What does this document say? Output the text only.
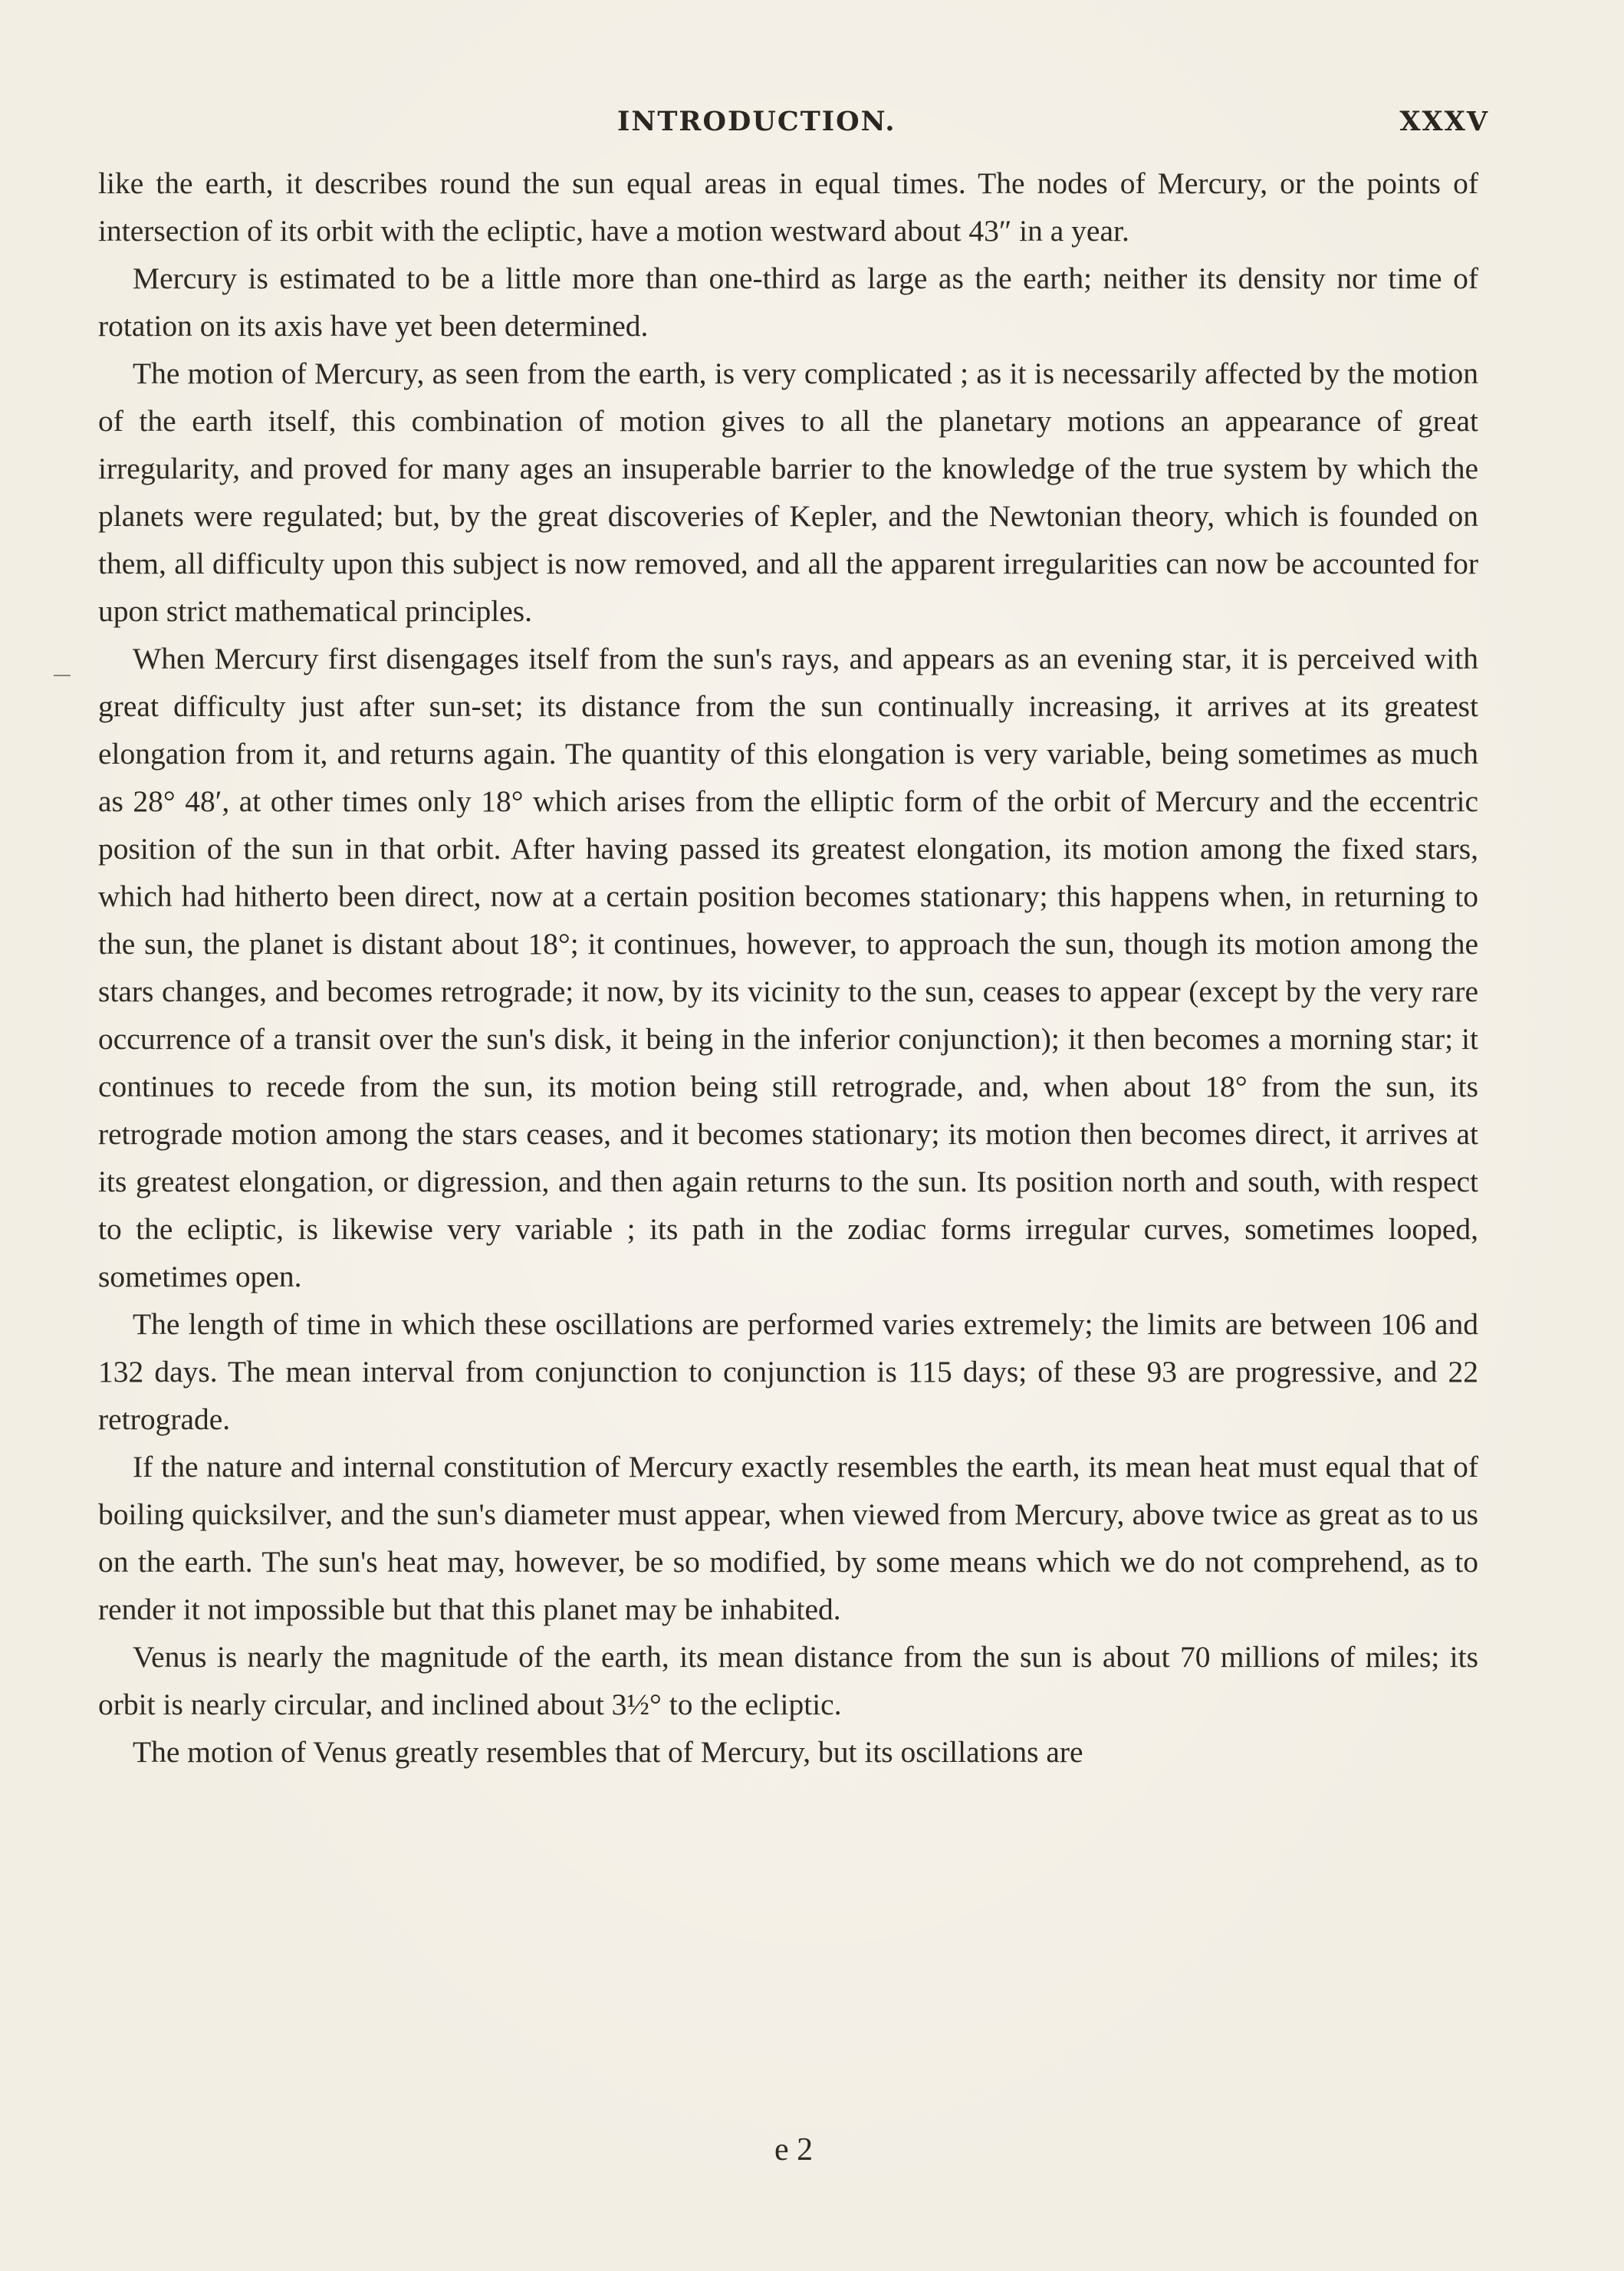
INTRODUCTION.	XXXV

like the earth, it describes round the sun equal areas in equal times. The nodes of Mercury, or the points of intersection of its orbit with the ecliptic, have a motion westward about 43″ in a year.

Mercury is estimated to be a little more than one-third as large as the earth; neither its density nor time of rotation on its axis have yet been determined.

The motion of Mercury, as seen from the earth, is very complicated ; as it is necessarily affected by the motion of the earth itself, this combination of motion gives to all the planetary motions an appearance of great irregularity, and proved for many ages an insuperable barrier to the knowledge of the true system by which the planets were regulated; but, by the great discoveries of Kepler, and the Newtonian theory, which is founded on them, all difficulty upon this subject is now removed, and all the apparent irregularities can now be accounted for upon strict mathematical principles.

When Mercury first disengages itself from the sun's rays, and appears as an evening star, it is perceived with great difficulty just after sun-set; its distance from the sun continually increasing, it arrives at its greatest elongation from it, and returns again. The quantity of this elongation is very variable, being sometimes as much as 28° 48′, at other times only 18° which arises from the elliptic form of the orbit of Mercury and the eccentric position of the sun in that orbit. After having passed its greatest elongation, its motion among the fixed stars, which had hitherto been direct, now at a certain position becomes stationary; this happens when, in returning to the sun, the planet is distant about 18°; it continues, however, to approach the sun, though its motion among the stars changes, and becomes retrograde; it now, by its vicinity to the sun, ceases to appear (except by the very rare occurrence of a transit over the sun's disk, it being in the inferior conjunction); it then becomes a morning star; it continues to recede from the sun, its motion being still retrograde, and, when about 18° from the sun, its retrograde motion among the stars ceases, and it becomes stationary; its motion then becomes direct, it arrives at its greatest elongation, or digression, and then again returns to the sun. Its position north and south, with respect to the ecliptic, is likewise very variable ; its path in the zodiac forms irregular curves, sometimes looped, sometimes open.

The length of time in which these oscillations are performed varies extremely; the limits are between 106 and 132 days. The mean interval from conjunction to conjunction is 115 days; of these 93 are progressive, and 22 retrograde.

If the nature and internal constitution of Mercury exactly resembles the earth, its mean heat must equal that of boiling quicksilver, and the sun's diameter must appear, when viewed from Mercury, above twice as great as to us on the earth. The sun's heat may, however, be so modified, by some means which we do not comprehend, as to render it not impossible but that this planet may be inhabited.

Venus is nearly the magnitude of the earth, its mean distance from the sun is about 70 millions of miles; its orbit is nearly circular, and inclined about 3½° to the ecliptic.

The motion of Venus greatly resembles that of Mercury, but its oscillations are

e 2
